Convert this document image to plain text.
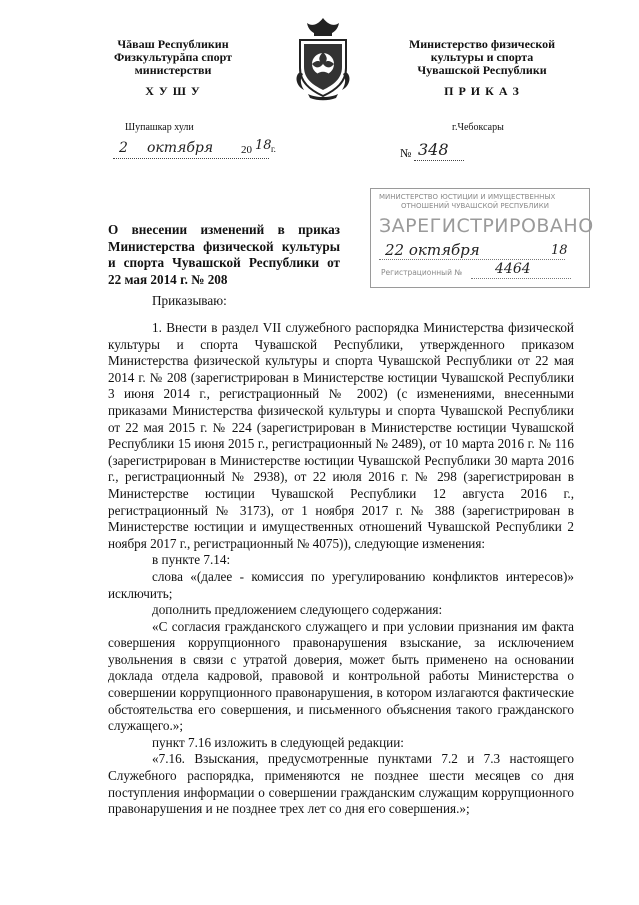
Чăваш Республикин
Физкультурăпа спорт
министерстви
Х У Ш У
Министерство физической
культуры и спорта
Чувашской Республики
П Р И К А З
Шупашкар хули	г.Чебоксары
2 октября	20 18 г.	№ 348
МИНИСТЕРСТВО ЮСТИЦИИ И ИМУЩЕСТВЕННЫХ
ОТНОШЕНИЙ ЧУВАШСКОЙ РЕСПУБЛИКИ
ЗАРЕГИСТРИРОВАНО
22 октября	18
Регистрационный № 4464
О внесении изменений в приказ
Министерства физической культуры
и спорта Чувашской Республики от
22 мая 2014 г. № 208
Приказываю:

1. Внести в раздел VII служебного распорядка Министерства физической культуры и спорта Чувашской Республики, утвержденного приказом Министерства физической культуры и спорта Чувашской Республики от 22 мая 2014 г. № 208 (зарегистрирован в Министерстве юстиции Чувашской Республики 3 июня 2014 г., регистрационный № 2002) (с изменениями, внесенными приказами Министерства физической культуры и спорта Чувашской Республики от 22 мая 2015 г. № 224 (зарегистрирован в Министерстве юстиции Чувашской Республики 15 июня 2015 г., регистрационный № 2489), от 10 марта 2016 г. № 116 (зарегистрирован в Министерстве юстиции Чувашской Республики 30 марта 2016 г., регистрационный № 2938), от 22 июля 2016 г. № 298 (зарегистрирован в Министерстве юстиции Чувашской Республики 12 августа 2016 г., регистрационный № 3173), от 1 ноября 2017 г. № 388 (зарегистрирован в Министерстве юстиции и имущественных отношений Чувашской Республики 2 ноября 2017 г., регистрационный № 4075)), следующие изменения:

в пункте 7.14:

слова «(далее - комиссия по урегулированию конфликтов интересов)» исключить;

дополнить предложением следующего содержания:

«С согласия гражданского служащего и при условии признания им факта совершения коррупционного правонарушения взыскание, за исключением увольнения в связи с утратой доверия, может быть применено на основании доклада отдела кадровой, правовой и контрольной работы Министерства о совершении коррупционного правонарушения, в котором излагаются фактические обстоятельства его совершения, и письменного объяснения такого гражданского служащего.»;

пункт 7.16 изложить в следующей редакции:

«7.16. Взыскания, предусмотренные пунктами 7.2 и 7.3 настоящего Служебного распорядка, применяются не позднее шести месяцев со дня поступления информации о совершении гражданским служащим коррупционного правонарушения и не позднее трех лет со дня его совершения.»;
